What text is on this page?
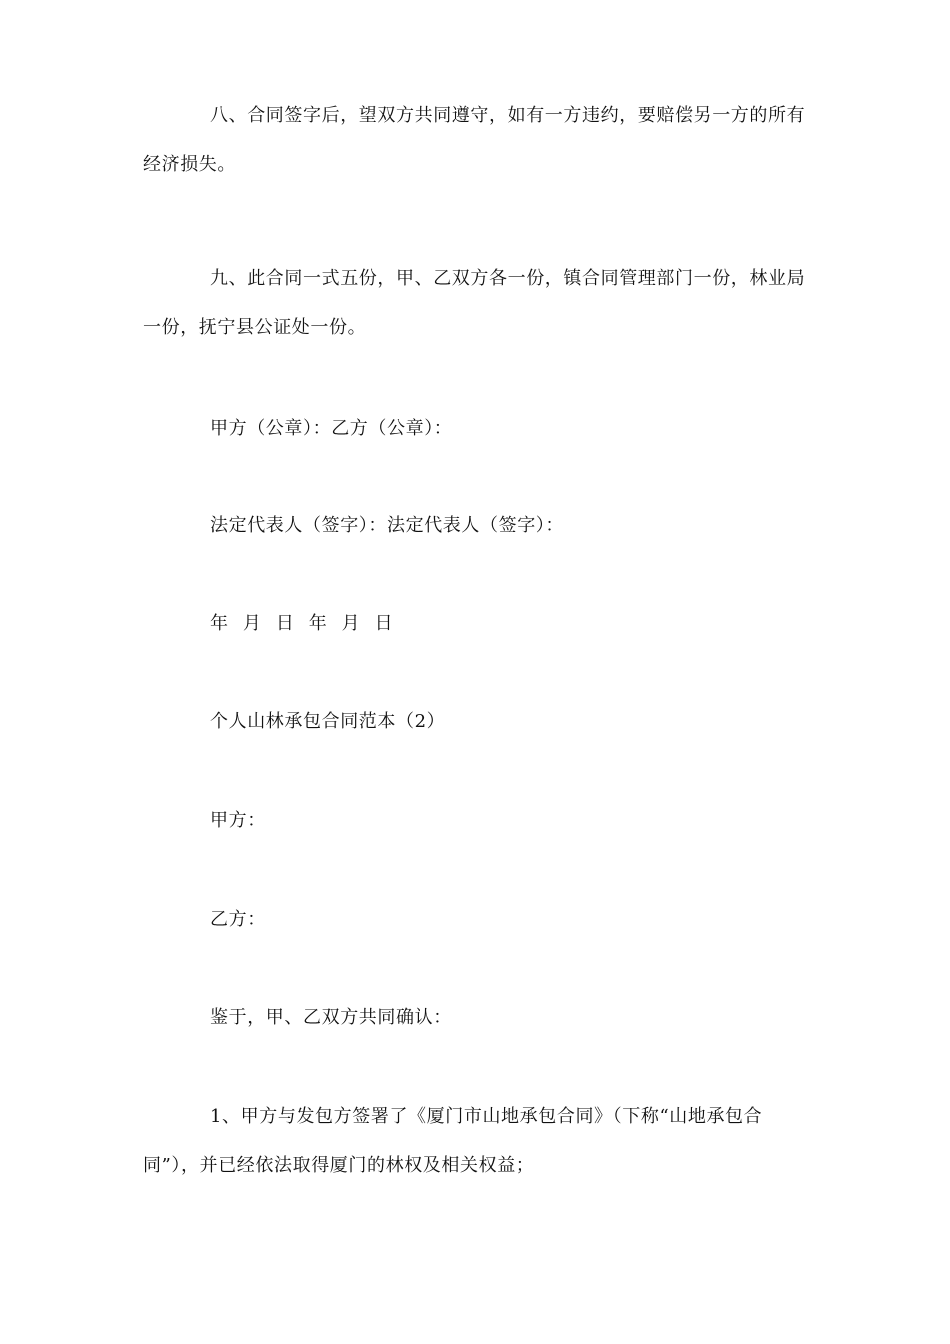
八、合同签字后，望双方共同遵守，如有一方违约，要赔偿另一方的所有经济损失。

九、此合同一式五份，甲、乙双方各一份，镇合同管理部门一份，林业局一份，抚宁县公证处一份。

甲方（公章）：乙方（公章）：

法定代表人（签字）：法定代表人（签字）：

年 月 日 年 月 日

个人山林承包合同范本（2）

甲方：

乙方：

鉴于，甲、乙双方共同确认：

1、甲方与发包方签署了《厦门市山地承包合同》（下称“山地承包合同”），并已经依法取得厦门的林权及相关权益；
